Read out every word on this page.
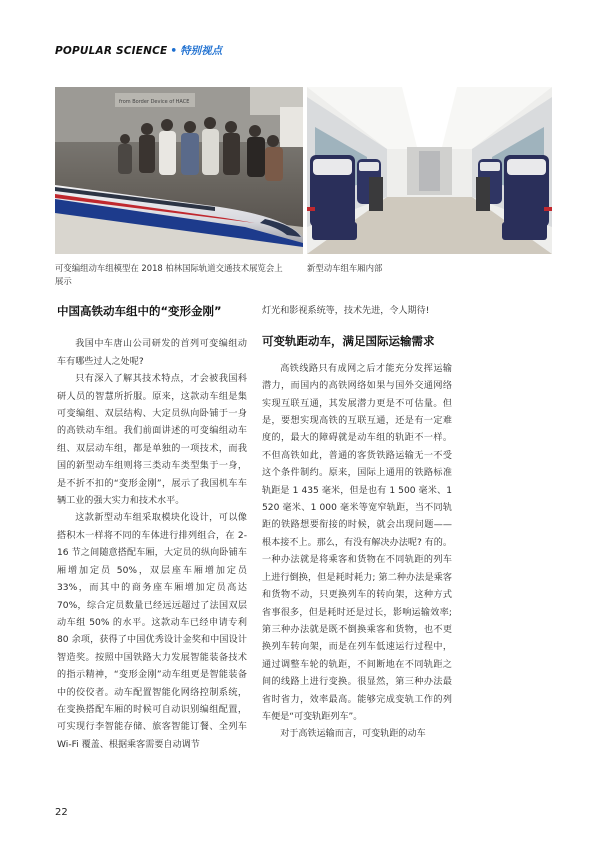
POPULAR SCIENCE • 特别视点
from Border Device of HACE
可变编组动车组模型在 2018 柏林国际轨道交通技术展览会上展示
新型动车组车厢内部
中国高铁动车组中的“变形金刚”

我国中车唐山公司研发的首列可变编组动车有哪些过人之处呢?

只有深入了解其技术特点，才会被我国科研人员的智慧所折服。原来，这款动车组是集可变编组、双层结构、大定员纵向卧铺于一身的高铁动车组。我们前面讲述的可变编组动车组、双层动车组，都是单独的一项技术，而我国的新型动车组则将三类动车类型集于一身，是不折不扣的“变形金刚”，展示了我国机车车辆工业的强大实力和技术水平。

这款新型动车组采取模块化设计，可以像搭积木一样将不同的车体进行排列组合，在 2-16 节之间随意搭配车厢，大定员的纵向卧铺车厢增加定员 50%，双层座车厢增加定员 33%，而其中的商务座车厢增加定员高达 70%，综合定员数量已经远远超过了法国双层动车组 50% 的水平。这款动车已经申请专利 80 余项，获得了中国优秀设计金奖和中国设计智造奖。按照中国铁路大力发展智能装备技术的指示精神，“变形金刚”动车组更是智能装备中的佼佼者。动车配置智能化网络控制系统，在变换搭配车厢的时候可自动识别编组配置，可实现行李智能存储、旅客智能订餐、全列车 Wi-Fi 覆盖、根据乘客需要自动调节

灯光和影视系统等，技术先进，令人期待!

可变轨距动车，满足国际运输需求

高铁线路只有成网之后才能充分发挥运输潜力，而国内的高铁网络如果与国外交通网络实现互联互通，其发展潜力更是不可估量。但是，要想实现高铁的互联互通，还是有一定难度的，最大的障碍就是动车组的轨距不一样。不但高铁如此，普通的客货铁路运输无一不受这个条件制约。原来，国际上通用的铁路标准轨距是 1 435 毫米，但是也有 1 500 毫米、1 520 毫米、1 000 毫米等宽窄轨距，当不同轨距的铁路想要衔接的时候，就会出现问题——根本接不上。那么，有没有解决办法呢? 有的。一种办法就是将乘客和货物在不同轨距的列车上进行倒换，但是耗时耗力; 第二种办法是乘客和货物不动，只更换列车的转向架，这种方式省事很多，但是耗时还是过长，影响运输效率; 第三种办法就是既不倒换乘客和货物，也不更换列车转向架，而是在列车低速运行过程中，通过调整车轮的轨距，不间断地在不同轨距之间的线路上进行变换。很显然，第三种办法最省时省力，效率最高。能够完成变轨工作的列车便是“可变轨距列车”。

对于高铁运输而言，可变轨距的动车

22
